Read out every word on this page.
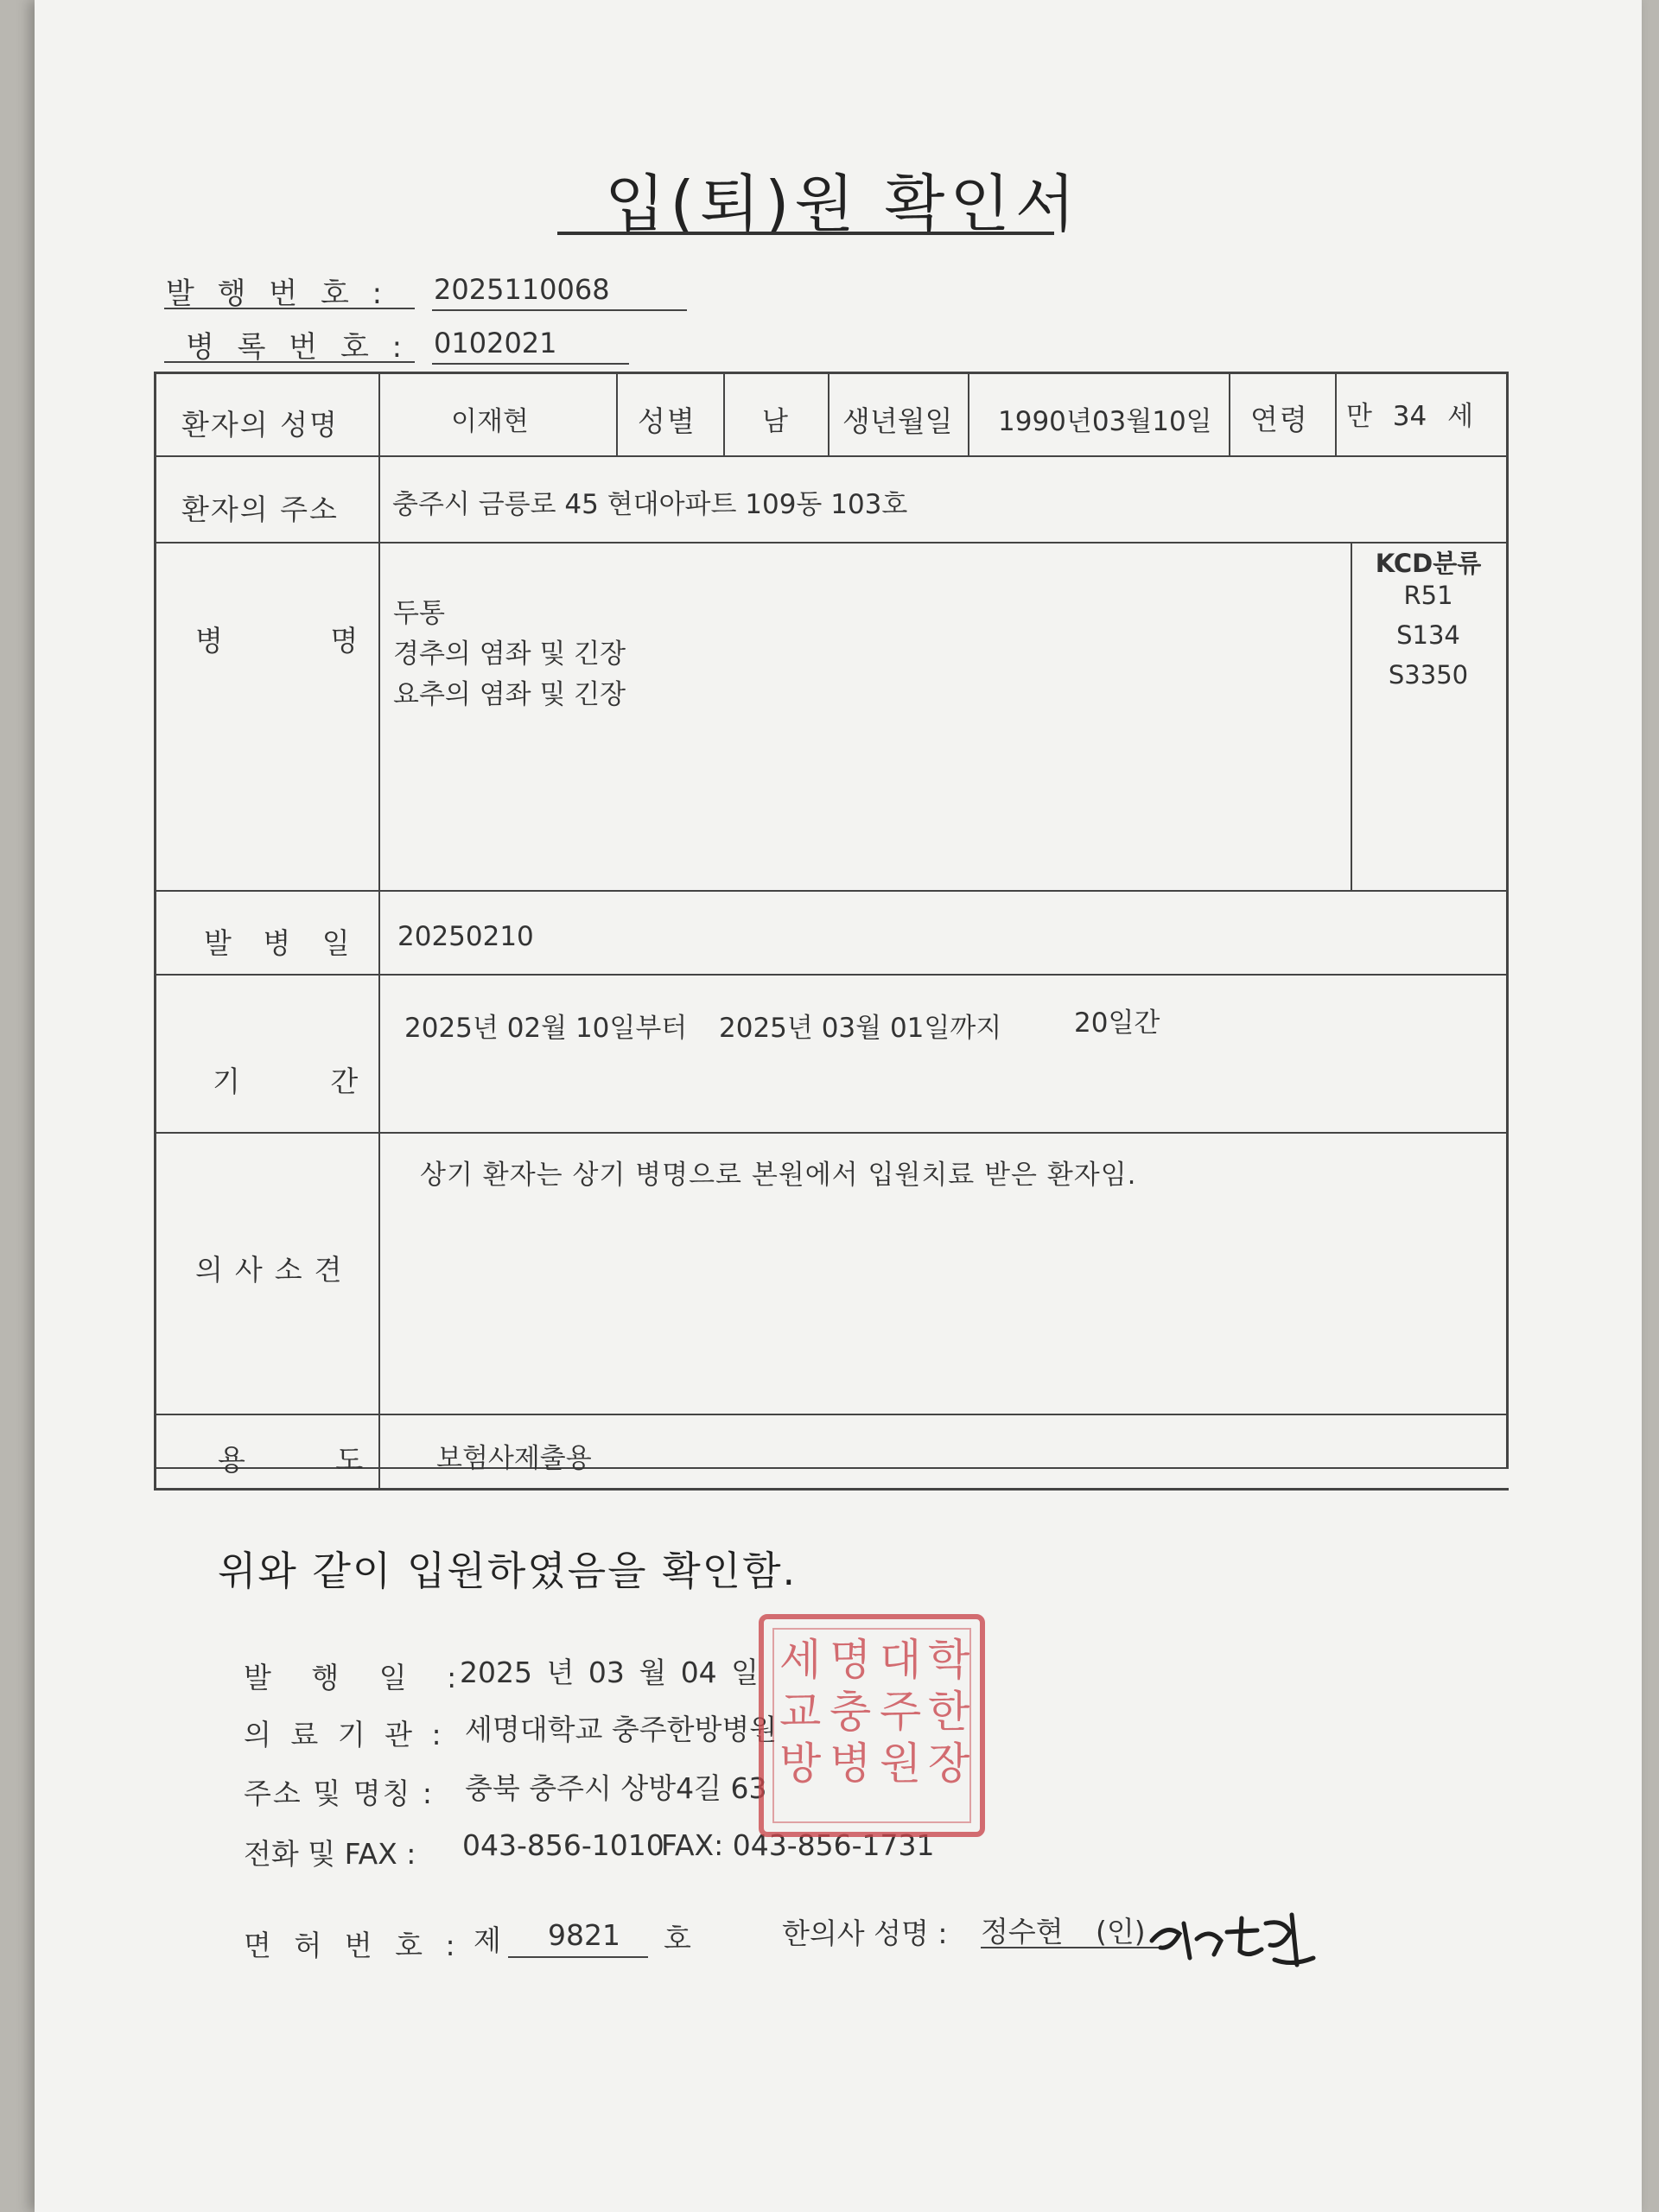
입(퇴)원 확인서
발 행 번 호 : 2025110068
병 록 번 호 : 0102021
환자의 성명	이재현	성별 남 생년월일 1990년03월10일 연령 만 34 세
환자의 주소 충주시 금릉로 45 현대아파트 109동 103호
병 명
두통
경추의 염좌 및 긴장
요추의 염좌 및 긴장
KCD분류
R51
S134
S3350
발 병 일 20250210
기 간
2025년 02월 10일부터 2025년 03월 01일까지	20일간
의사소견
상기 환자는 상기 병명으로 본원에서 입원치료 받은 환자임.
용 도	보험사제출용
위와 같이 입원하였음을 확인함.
발 행 일 :
2025 년 03 월 04 일
의 료 기 관 : 세명대학교 충주한방병원
주소 및 명칭 : 충북 충주시 상방4길 63
전화 및 FAX : 043-856-1010
FAX: 043-856-1731
면 허 번 호 : 제 9821 호	한의사 성명 : 정수현 (인)
세 명 대 학
교 충 주 한
방 병 원 장
